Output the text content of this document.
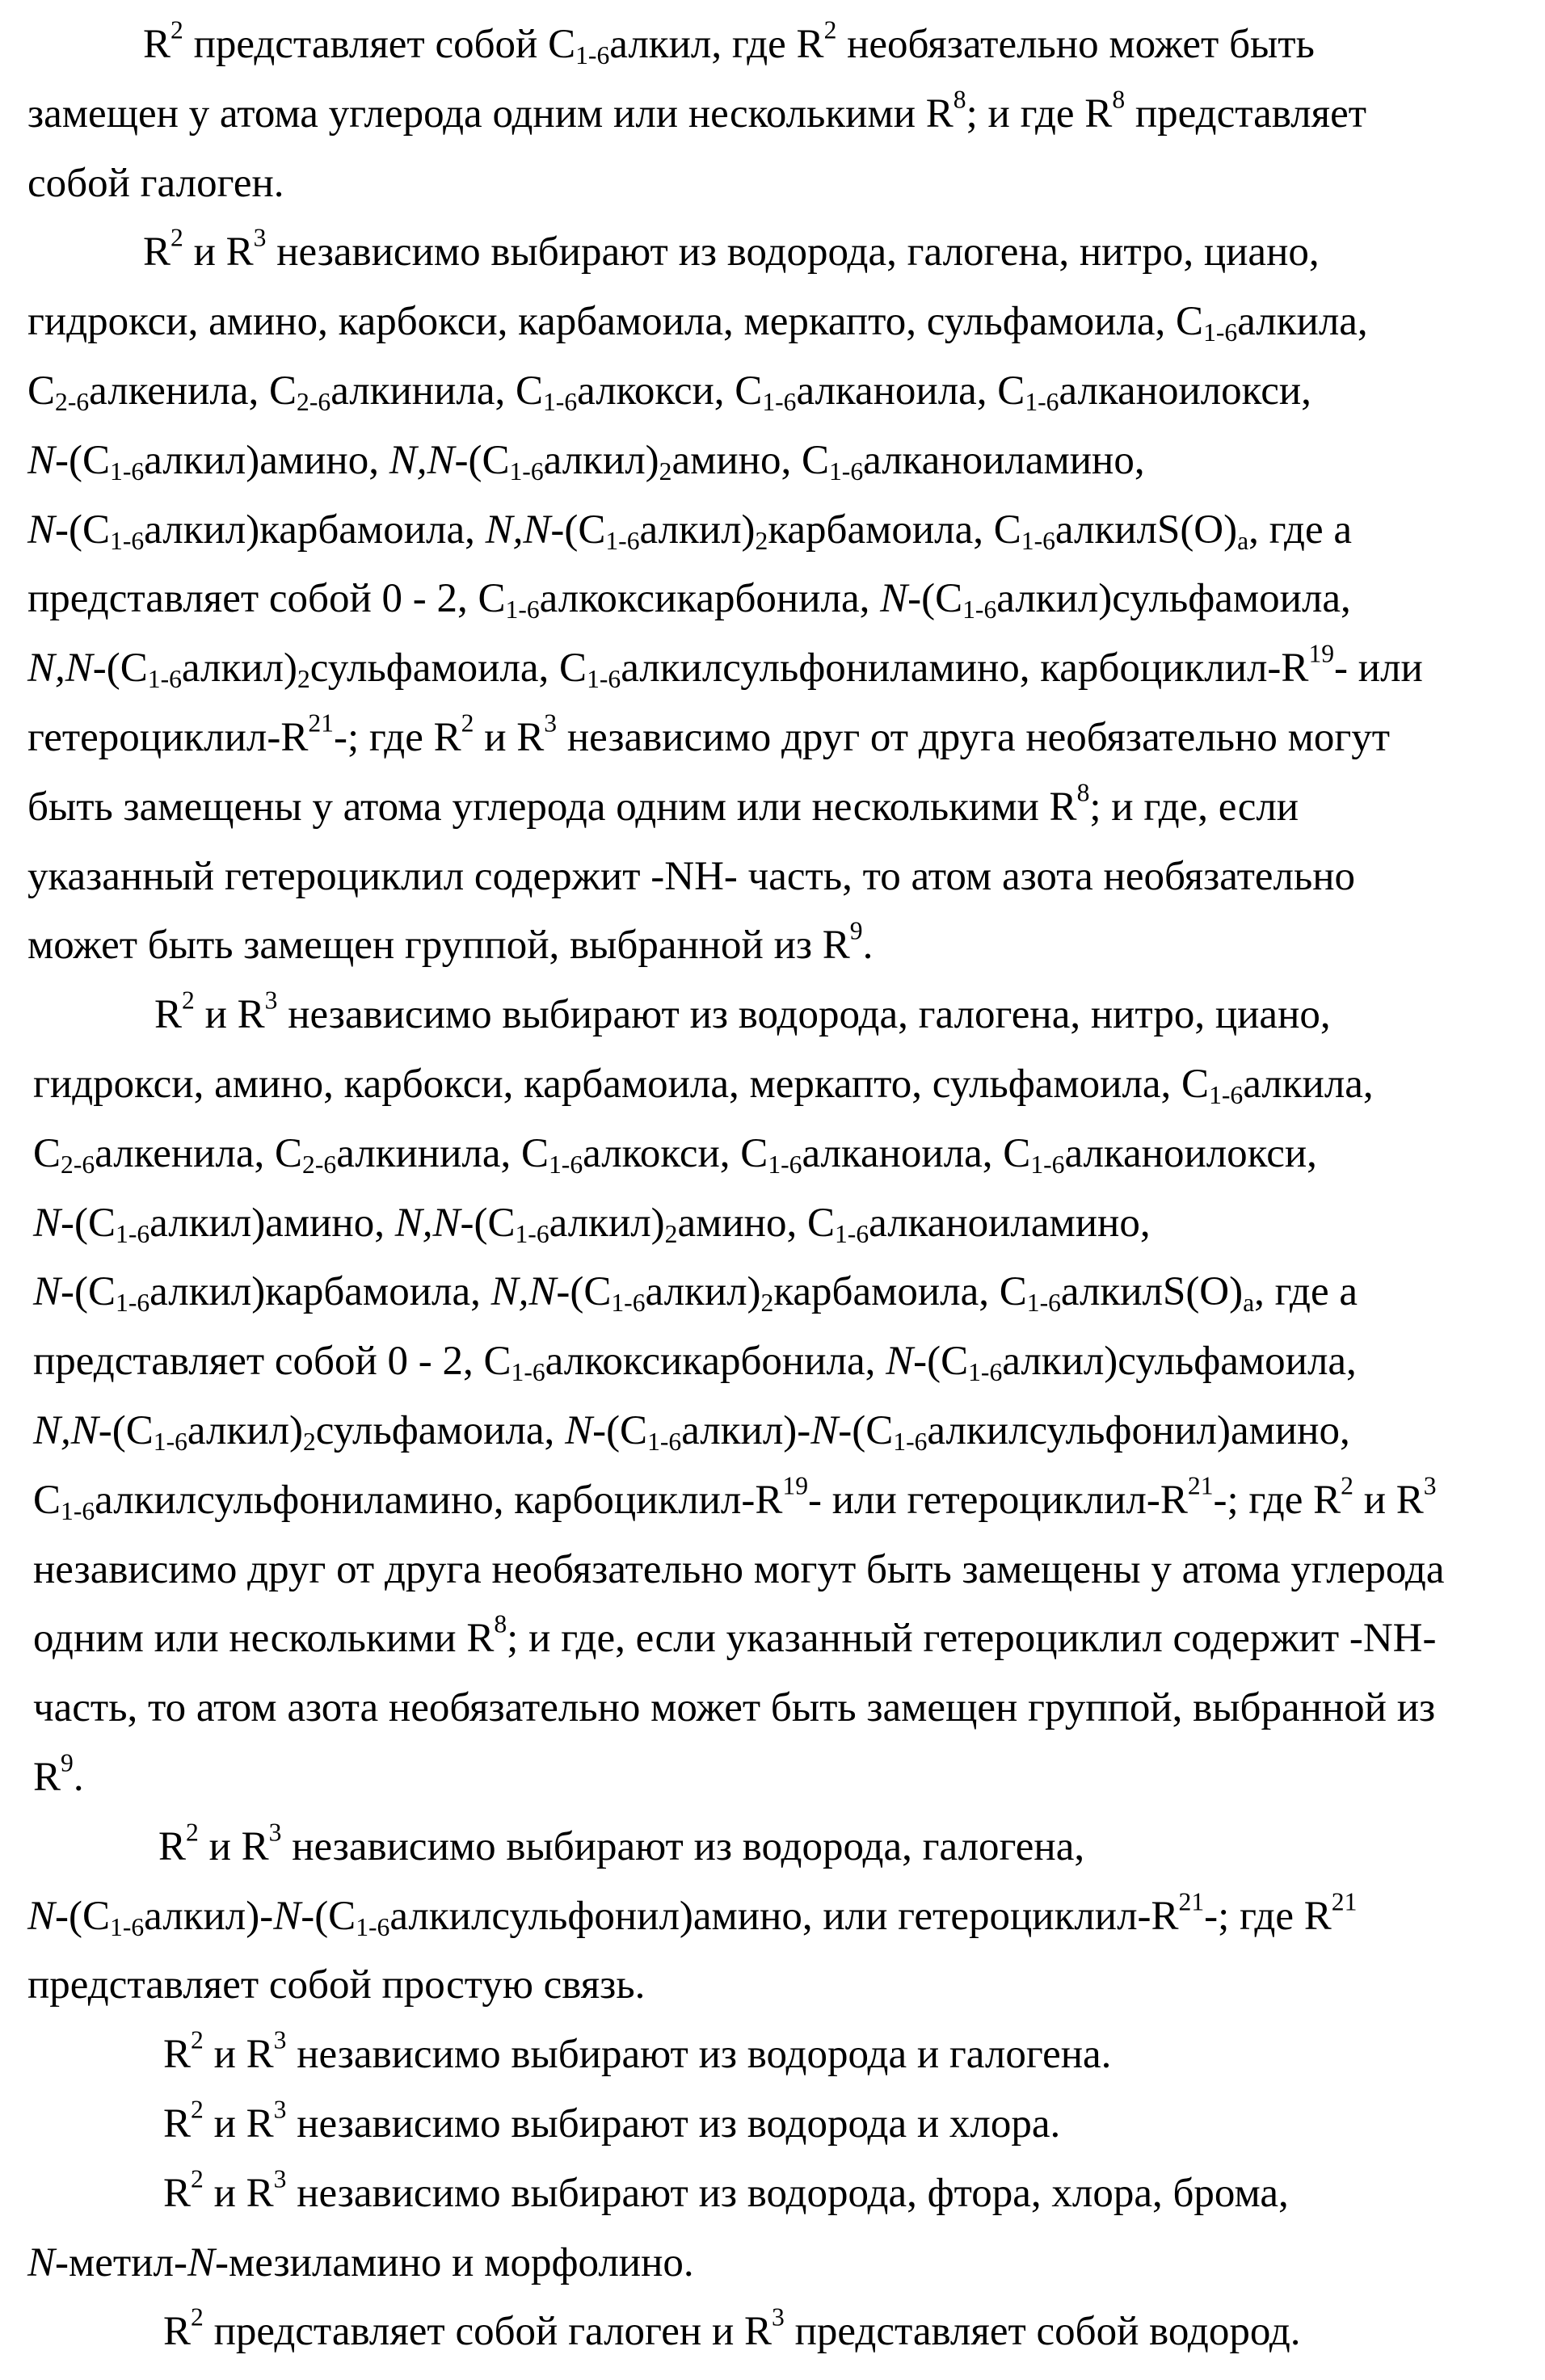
R2 представляет собой C1-6алкил, где R2 необязательно может быть
замещен у атома углерода одним или несколькими R8; и где R8 представляет
собой галоген.
R2 и R3 независимо выбирают из водорода, галогена, нитро, циано,
гидрокси, амино, карбокси, карбамоила, меркапто, сульфамоила, C1-6алкила,
C2-6алкенила, C2-6алкинила, C1-6алкокси, C1-6алканоила, C1-6алканоилокси,
N-(C1-6алкил)амино, N,N-(C1-6алкил)2амино, C1-6алканоиламино,
N-(C1-6алкил)карбамоила, N,N-(C1-6алкил)2карбамоила, C1-6алкилS(O)a, где а
представляет собой 0 - 2, C1-6алкоксикарбонила, N-(C1-6алкил)сульфамоила,
N,N-(C1-6алкил)2сульфамоила, C1-6алкилсульфониламино, карбоциклил-R19- или
гетероциклил-R21-; где R2 и R3 независимо друг от друга необязательно могут
быть замещены у атома углерода одним или несколькими R8; и где, если
указанный гетероциклил содержит -NH- часть, то атом азота необязательно
может быть замещен группой, выбранной из R9.
R2 и R3 независимо выбирают из водорода, галогена, нитро, циано,
гидрокси, амино, карбокси, карбамоила, меркапто, сульфамоила, C1-6алкила,
C2-6алкенила, C2-6алкинила, C1-6алкокси, C1-6алканоила, C1-6алканоилокси,
N-(C1-6алкил)амино, N,N-(C1-6алкил)2амино, C1-6алканоиламино,
N-(C1-6алкил)карбамоила, N,N-(C1-6алкил)2карбамоила, C1-6алкилS(O)a, где а
представляет собой 0 - 2, C1-6алкоксикарбонила, N-(C1-6алкил)сульфамоила,
N,N-(C1-6алкил)2сульфамоила, N-(C1-6алкил)-N-(C1-6алкилсульфонил)амино,
C1-6алкилсульфониламино, карбоциклил-R19- или гетероциклил-R21-; где R2 и R3
независимо друг от друга необязательно могут быть замещены у атома углерода
одним или несколькими R8; и где, если указанный гетероциклил содержит -NH-
часть, то атом азота необязательно может быть замещен группой, выбранной из
R9.
R2 и R3 независимо выбирают из водорода, галогена,
N-(C1-6алкил)-N-(C1-6алкилсульфонил)амино, или гетероциклил-R21-; где R21
представляет собой простую связь.
R2 и R3 независимо выбирают из водорода и галогена.
R2 и R3 независимо выбирают из водорода и хлора.
R2 и R3 независимо выбирают из водорода, фтора, хлора, брома,
N-метил-N-мезиламино и морфолино.
R2 представляет собой галоген и R3 представляет собой водород.
